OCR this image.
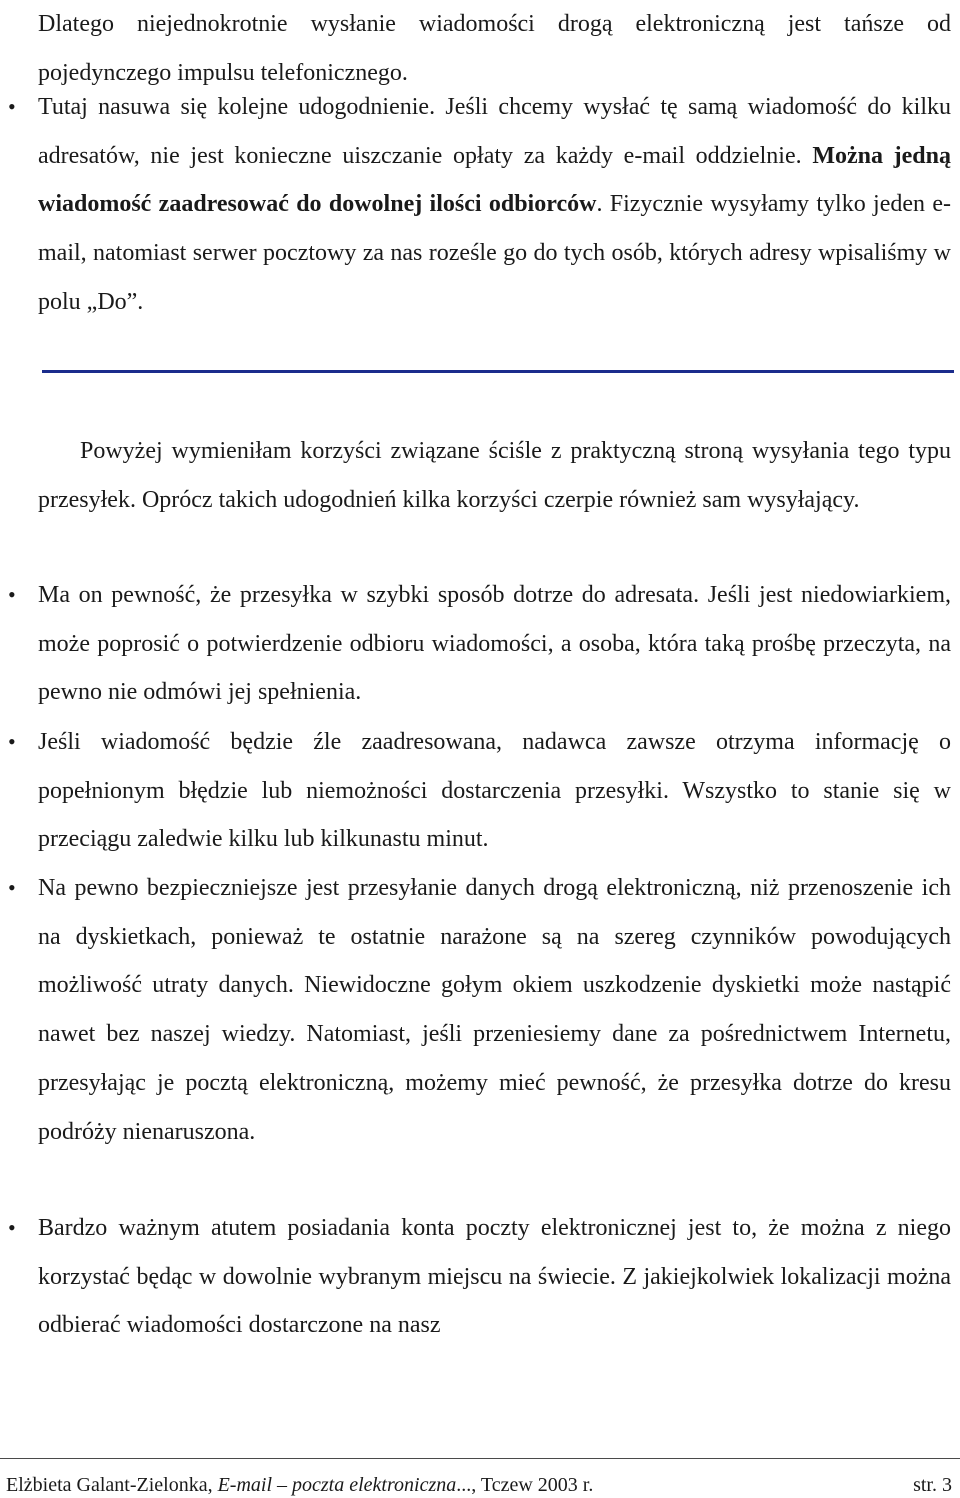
Dlatego niejednokrotnie wysłanie wiadomości drogą elektroniczną jest tańsze od pojedynczego impulsu telefonicznego.

• Tutaj nasuwa się kolejne udogodnienie. Jeśli chcemy wysłać tę samą wiadomość do kilku adresatów, nie jest konieczne uiszczanie opłaty za każdy e-mail oddzielnie. Można jedną wiadomość zaadresować do dowolnej ilości odbiorców. Fizycznie wysyłamy tylko jeden e-mail, natomiast serwer pocztowy za nas roześle go do tych osób, których adresy wpisaliśmy w polu „Do”.

Powyżej wymieniłam korzyści związane ściśle z praktyczną stroną wysyłania tego typu przesyłek. Oprócz takich udogodnień kilka korzyści czerpie również sam wysyłający.

• Ma on pewność, że przesyłka w szybki sposób dotrze do adresata. Jeśli jest niedowiarkiem, może poprosić o potwierdzenie odbioru wiadomości, a osoba, która taką prośbę przeczyta, na pewno nie odmówi jej spełnienia.

• Jeśli wiadomość będzie źle zaadresowana, nadawca zawsze otrzyma informację o popełnionym błędzie lub niemożności dostarczenia przesyłki. Wszystko to stanie się w przeciągu zaledwie kilku lub kilkunastu minut.

• Na pewno bezpieczniejsze jest przesyłanie danych drogą elektroniczną, niż przenoszenie ich na dyskietkach, ponieważ te ostatnie narażone są na szereg czynników powodujących możliwość utraty danych. Niewidoczne gołym okiem uszkodzenie dyskietki może nastąpić nawet bez naszej wiedzy. Natomiast, jeśli przeniesiemy dane za pośrednictwem Internetu, przesyłając je pocztą elektroniczną, możemy mieć pewność, że przesyłka dotrze do kresu podróży nienaruszona.

• Bardzo ważnym atutem posiadania konta poczty elektronicznej jest to, że można z niego korzystać będąc w dowolnie wybranym miejscu na świecie. Z jakiejkolwiek lokalizacji można odbierać wiadomości dostarczone na nasz

Elżbieta Galant-Zielonka, E-mail – poczta elektroniczna..., Tczew 2003 r.	str. 3
